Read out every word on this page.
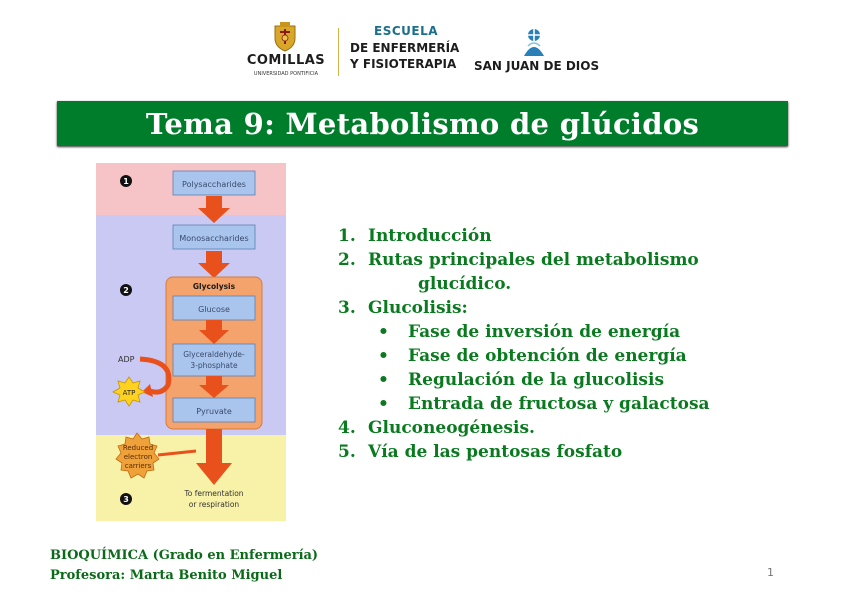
COMILLAS
UNIVERSIDAD PONTIFICIA
ESCUELA
DE ENFERMERÍA
Y FISIOTERAPIA SAN JUAN DE DIOS
Tema 9: Metabolismo de glúcidos
1
2
3
Polysaccharides
Monosaccharides
Glycolysis
Glucose
Glyceraldehyde-
3-phosphate
Pyruvate
ADP
ATP
Reduced
electron
carriers
To fermentation
or respiration
1. Introducción
2. Rutas principales del metabolismo
glucídico.
3. Glucolisis:
• Fase de inversión de energía
• Fase de obtención de energía
• Regulación de la glucolisis
• Entrada de fructosa y galactosa
4. Gluconeogénesis.
5. Vía de las pentosas fosfato
BIOQUÍMICA (Grado en Enfermería)
Profesora: Marta Benito Miguel	1
